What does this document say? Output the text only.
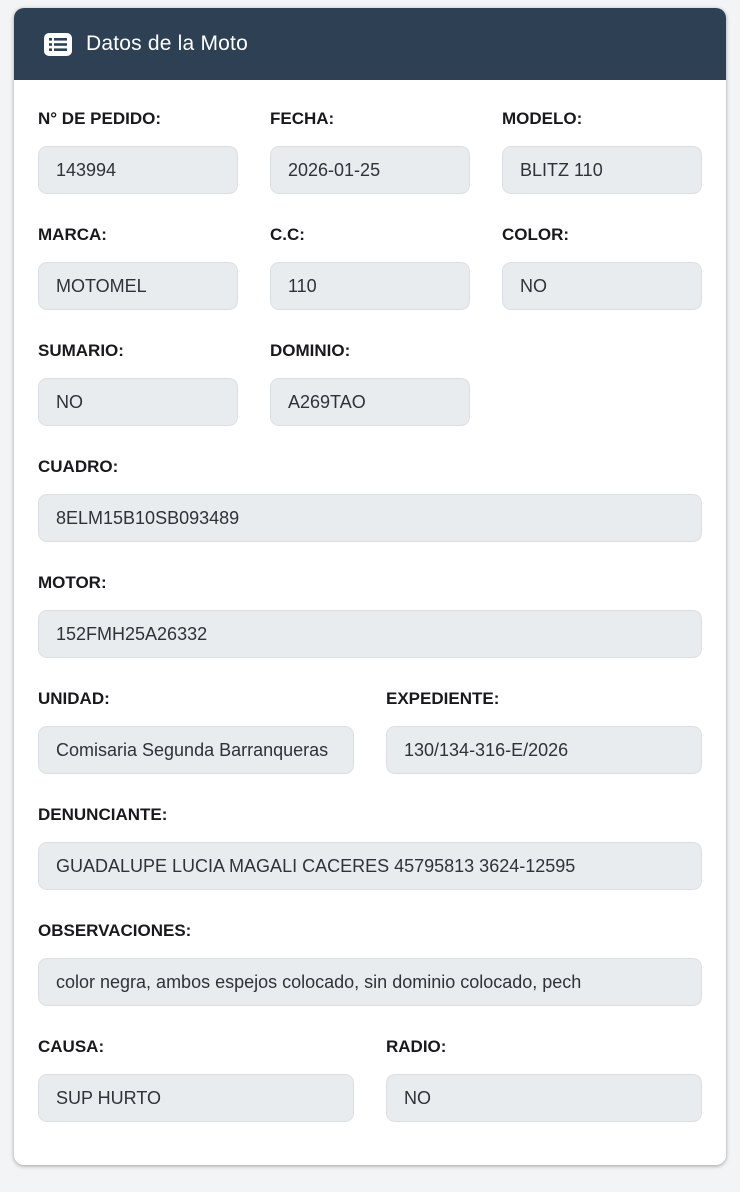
Datos de la Moto
N° DE PEDIDO:
143994	FECHA:
2026-01-25	MODELO:
BLITZ 110
MARCA:
MOTOMEL	C.C:
110	COLOR:
NO
SUMARIO:
NO	DOMINIO:
A269TAO
CUADRO:
8ELM15B10SB093489
MOTOR:
152FMH25A26332
UNIDAD:
Comisaria Segunda Barranqueras	EXPEDIENTE:
130/134-316-E/2026
DENUNCIANTE:
GUADALUPE LUCIA MAGALI CACERES 45795813 3624-12595
OBSERVACIONES:
color negra, ambos espejos colocado, sin dominio colocado, pech
CAUSA:
SUP HURTO	RADIO:
NO
